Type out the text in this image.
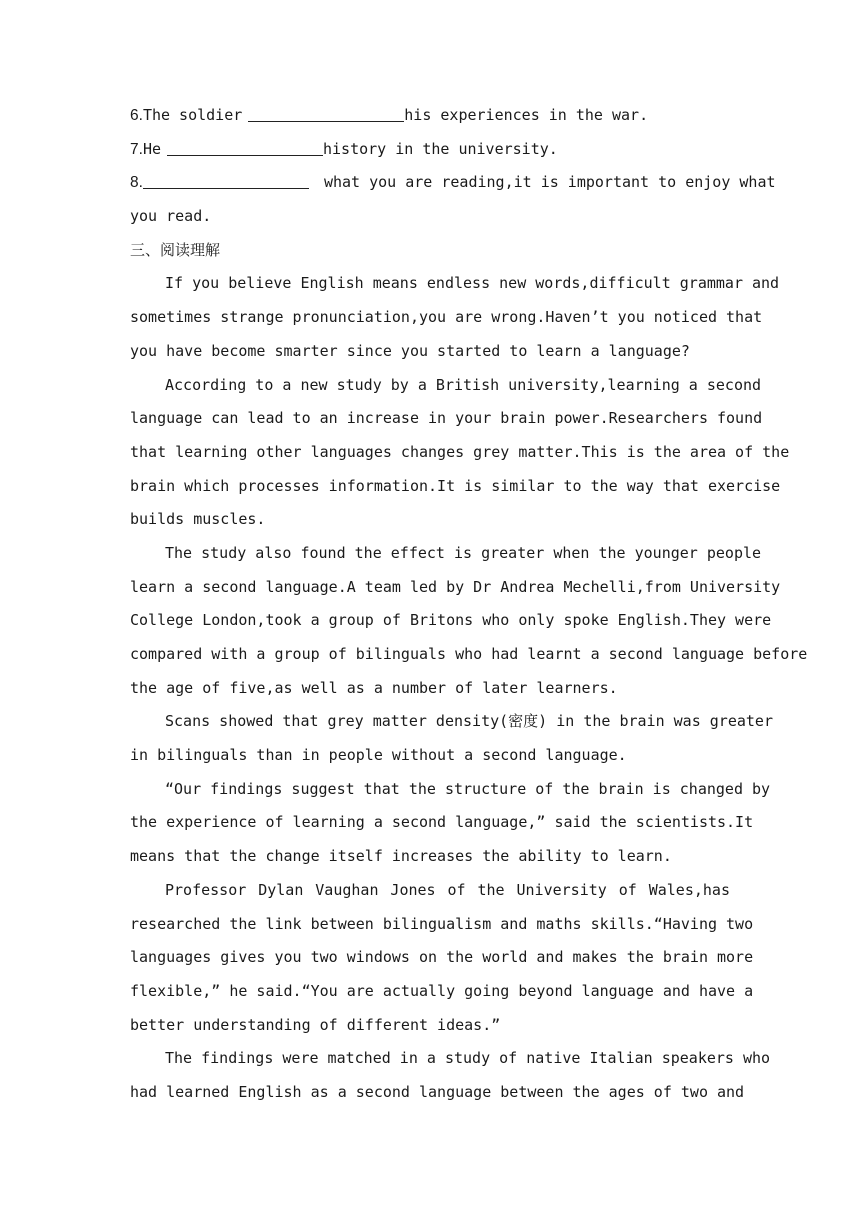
6.The soldier	his experiences in the war.
7.He	history in the university.
8.	what you are reading,it is important to enjoy what
you read.
三、阅读理解
If you believe English means endless new words,difficult grammar and
sometimes strange pronunciation,you are wrong.Haven’t you noticed that
you have become smarter since you started to learn a language?
According to a new study by a British university,learning a second
language can lead to an increase in your brain power.Researchers found
that learning other languages changes grey matter.This is the area of the
brain which processes information.It is similar to the way that exercise
builds muscles.
The study also found the effect is greater when the younger people
learn a second language.A team led by Dr Andrea Mechelli,from University
College London,took a group of Britons who only spoke English.They were
compared with a group of bilinguals who had learnt a second language before
the age of five,as well as a number of later learners.
Scans showed that grey matter density(密度) in the brain was greater
in bilinguals than in people without a second language.
“Our findings suggest that the structure of the brain is changed by
the experience of learning a second language,” said the scientists.It
means that the change itself increases the ability to learn.
Professor Dylan Vaughan Jones of the University of Wales,has
researched the link between bilingualism and maths skills.“Having two
languages gives you two windows on the world and makes the brain more
flexible,” he said.“You are actually going beyond language and have a
better understanding of different ideas.”
The findings were matched in a study of native Italian speakers who
had learned English as a second language between the ages of two and
